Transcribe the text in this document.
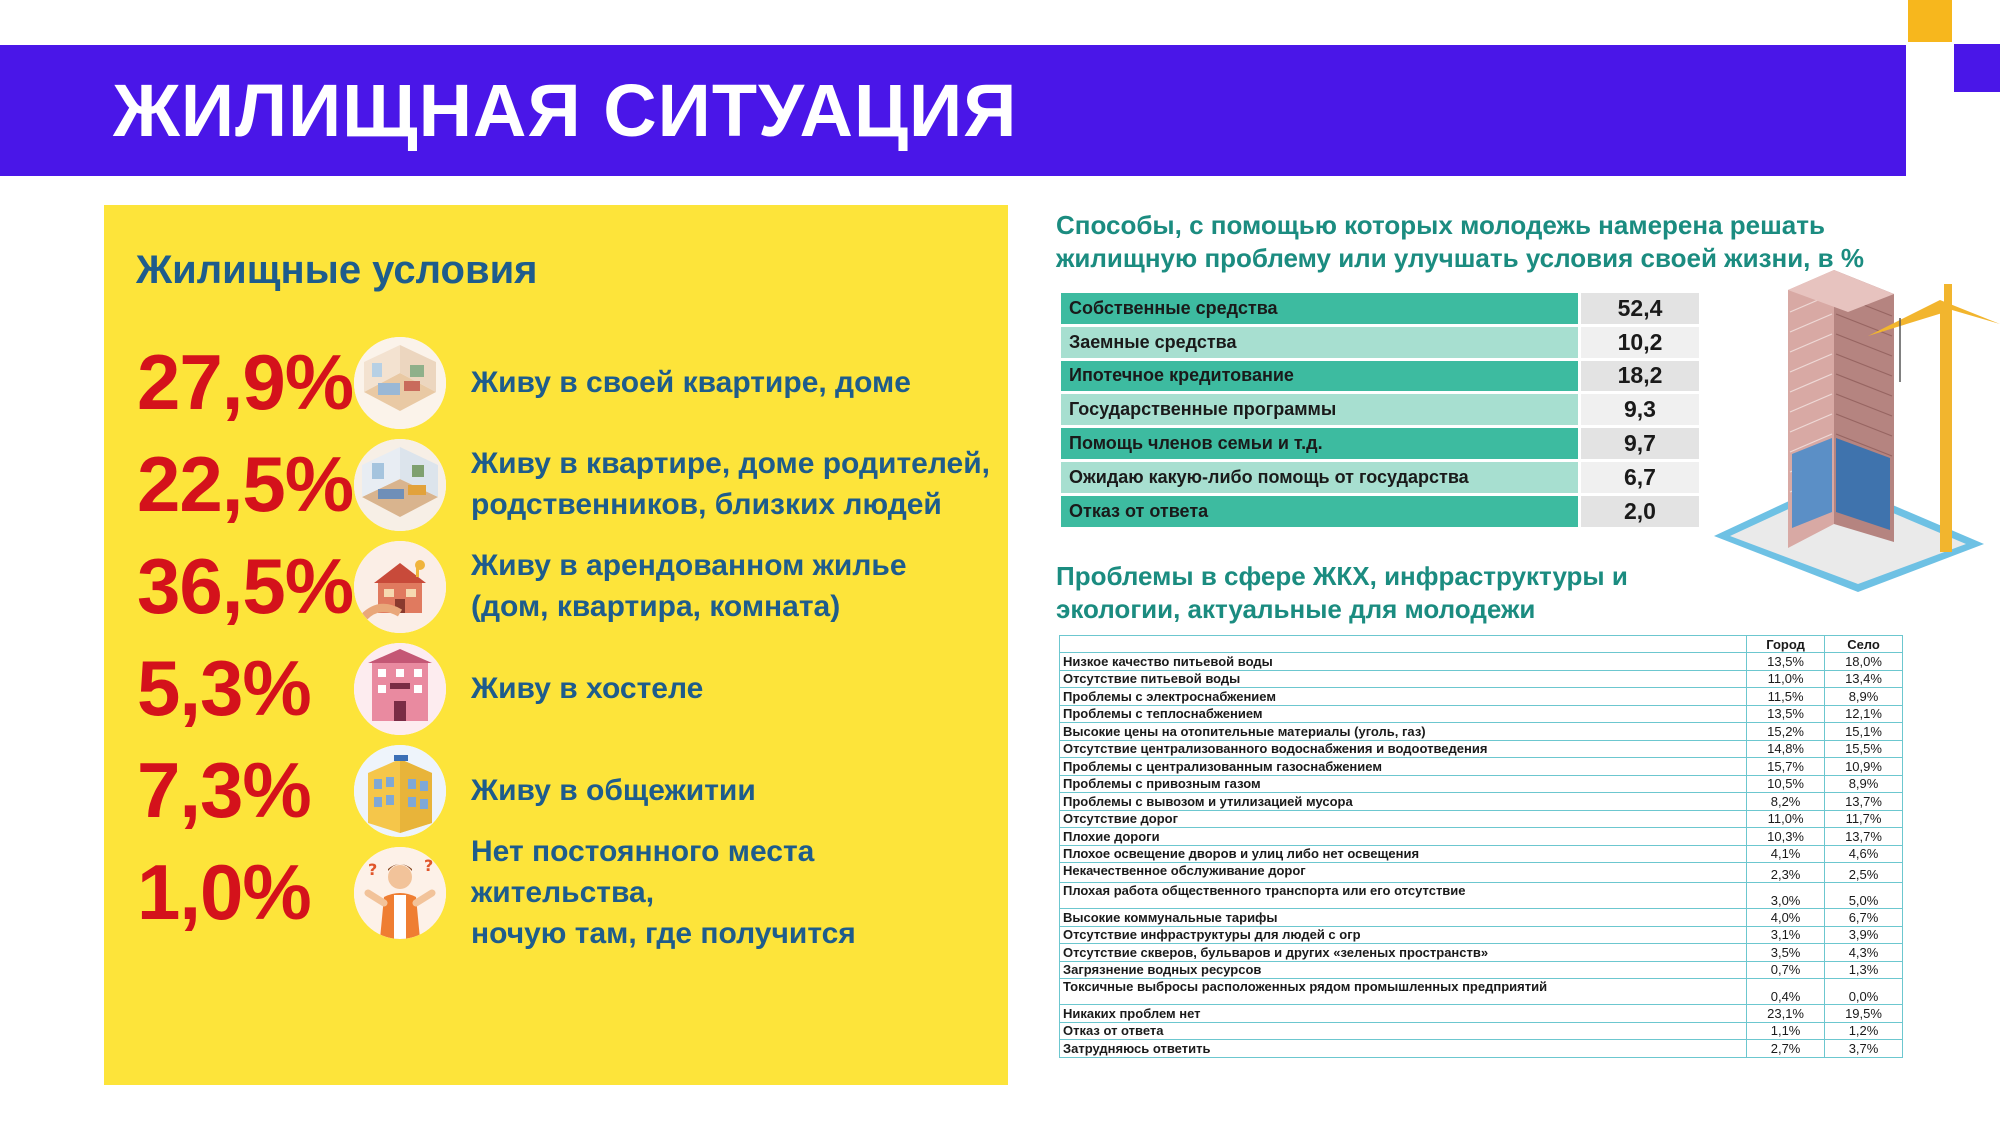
ЖИЛИЩНАЯ СИТУАЦИЯ
Жилищные условия
27,9%	Живу в своей квартире, доме
22,5%	Живу в квартире, доме родителей,
родственников, близких людей
36,5%	Живу в арендованном жилье
(дом, квартира, комната)
5,3%	Живу в хостеле
7,3%	Живу в общежитии
1,0%	?	? Нет постоянного места жительства,
ночую там, где получится
Способы, с помощью которых молодежь намерена решать
жилищную проблему или улучшать условия своей жизни, в %
Собственные средства	52,4
Заемные средства	10,2
Ипотечное кредитование	18,2
Государственные программы	9,3
Помощь членов семьи и т.д.	9,7
Ожидаю какую-либо помощь от государства	6,7
Отказ от ответа	2,0
Проблемы в сфере ЖКХ, инфраструктуры и
экологии, актуальные для молодежи
	Город	Село
Низкое качество питьевой воды	13,5%	18,0%
Отсутствие питьевой воды	11,0%	13,4%
Проблемы с электроснабжением	11,5%	8,9%
Проблемы с теплоснабжением	13,5%	12,1%
Высокие цены на отопительные материалы (уголь, газ)	15,2%	15,1%
Отсутствие централизованного водоснабжения и водоотведения	14,8%	15,5%
Проблемы с централизованным газоснабжением	15,7%	10,9%
Проблемы с привозным газом	10,5%	8,9%
Проблемы с вывозом и утилизацией мусора	8,2%	13,7%
Отсутствие дорог	11,0%	11,7%
Плохие дороги	10,3%	13,7%
Плохое освещение дворов и улиц либо нет освещения	4,1%	4,6%
Некачественное обслуживание дорог	2,3%	2,5%
Плохая работа общественного транспорта или его отсутствие	3,0%	5,0%
Высокие коммунальные тарифы	4,0%	6,7%
Отсутствие инфраструктуры для людей с огр	3,1%	3,9%
Отсутствие скверов, бульваров и других «зеленых пространств»	3,5%	4,3%
Загрязнение водных ресурсов	0,7%	1,3%
Токсичные выбросы расположенных рядом промышленных предприятий	0,4%	0,0%
Никаких проблем нет	23,1%	19,5%
Отказ от ответа	1,1%	1,2%
Затрудняюсь ответить	2,7%	3,7%
